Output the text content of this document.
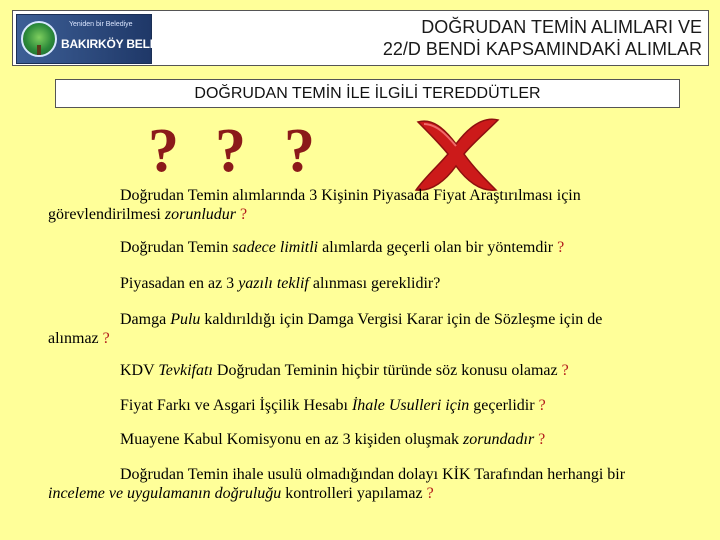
Yeniden bir Belediye
BAKIRKÖY BELEDİYESİ
DOĞRUDAN TEMİN ALIMLARI VE
22/D BENDİ KAPSAMINDAKİ ALIMLAR
DOĞRUDAN TEMİN İLE İLGİLİ TEREDDÜTLER
? ? ?
Doğrudan Temin alımlarında 3 Kişinin Piyasada Fiyat Araştırılması için
görevlendirilmesi zorunludur ?
Doğrudan Temin sadece limitli alımlarda geçerli olan bir yöntemdir ?
Piyasadan en az 3 yazılı teklif alınması gereklidir?
Damga Pulu kaldırıldığı için Damga Vergisi Karar için de Sözleşme için de
alınmaz ?
KDV Tevkifatı Doğrudan Teminin hiçbir türünde söz konusu olamaz ?
Fiyat Farkı ve Asgari İşçilik Hesabı İhale Usulleri için geçerlidir ?
Muayene Kabul Komisyonu en az 3 kişiden oluşmak zorundadır ?
Doğrudan Temin ihale usulü olmadığından dolayı KİK Tarafından herhangi bir
inceleme ve uygulamanın doğruluğu kontrolleri yapılamaz ?
